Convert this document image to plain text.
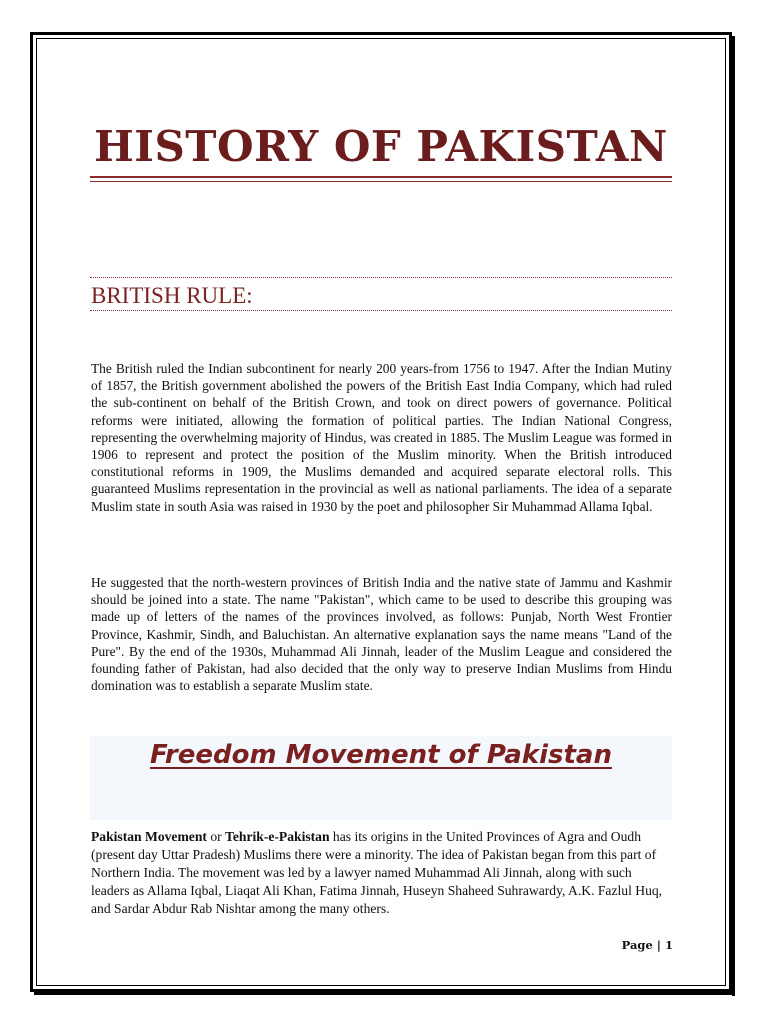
HISTORY OF PAKISTAN
BRITISH RULE:

The British ruled the Indian subcontinent for nearly 200 years-from 1756 to 1947. After the Indian Mutiny of 1857, the British government abolished the powers of the British East India Company, which had ruled the sub-continent on behalf of the British Crown, and took on direct powers of governance. Political reforms were initiated, allowing the formation of political parties. The Indian National Congress, representing the overwhelming majority of Hindus, was created in 1885. The Muslim League was formed in 1906 to represent and protect the position of the Muslim minority. When the British introduced constitutional reforms in 1909, the Muslims demanded and acquired separate electoral rolls. This guaranteed Muslims representation in the provincial as well as national parliaments. The idea of a separate Muslim state in south Asia was raised in 1930 by the poet and philosopher Sir Muhammad Allama Iqbal.

He suggested that the north-western provinces of British India and the native state of Jammu and Kashmir should be joined into a state. The name "Pakistan", which came to be used to describe this grouping was made up of letters of the names of the provinces involved, as follows: Punjab, North West Frontier Province, Kashmir, Sindh, and Baluchistan. An alternative explanation says the name means "Land of the Pure". By the end of the 1930s, Muhammad Ali Jinnah, leader of the Muslim League and considered the founding father of Pakistan, had also decided that the only way to preserve Indian Muslims from Hindu domination was to establish a separate Muslim state.

Freedom Movement of Pakistan

Pakistan Movement or Tehrik-e-Pakistan has its origins in the United Provinces of Agra and Oudh (present day Uttar Pradesh) Muslims there were a minority. The idea of Pakistan began from this part of Northern India. The movement was led by a lawyer named Muhammad Ali Jinnah, along with such leaders as Allama Iqbal, Liaqat Ali Khan, Fatima Jinnah, Huseyn Shaheed Suhrawardy, A.K. Fazlul Huq, and Sardar Abdur Rab Nishtar among the many others.

Page | 1
